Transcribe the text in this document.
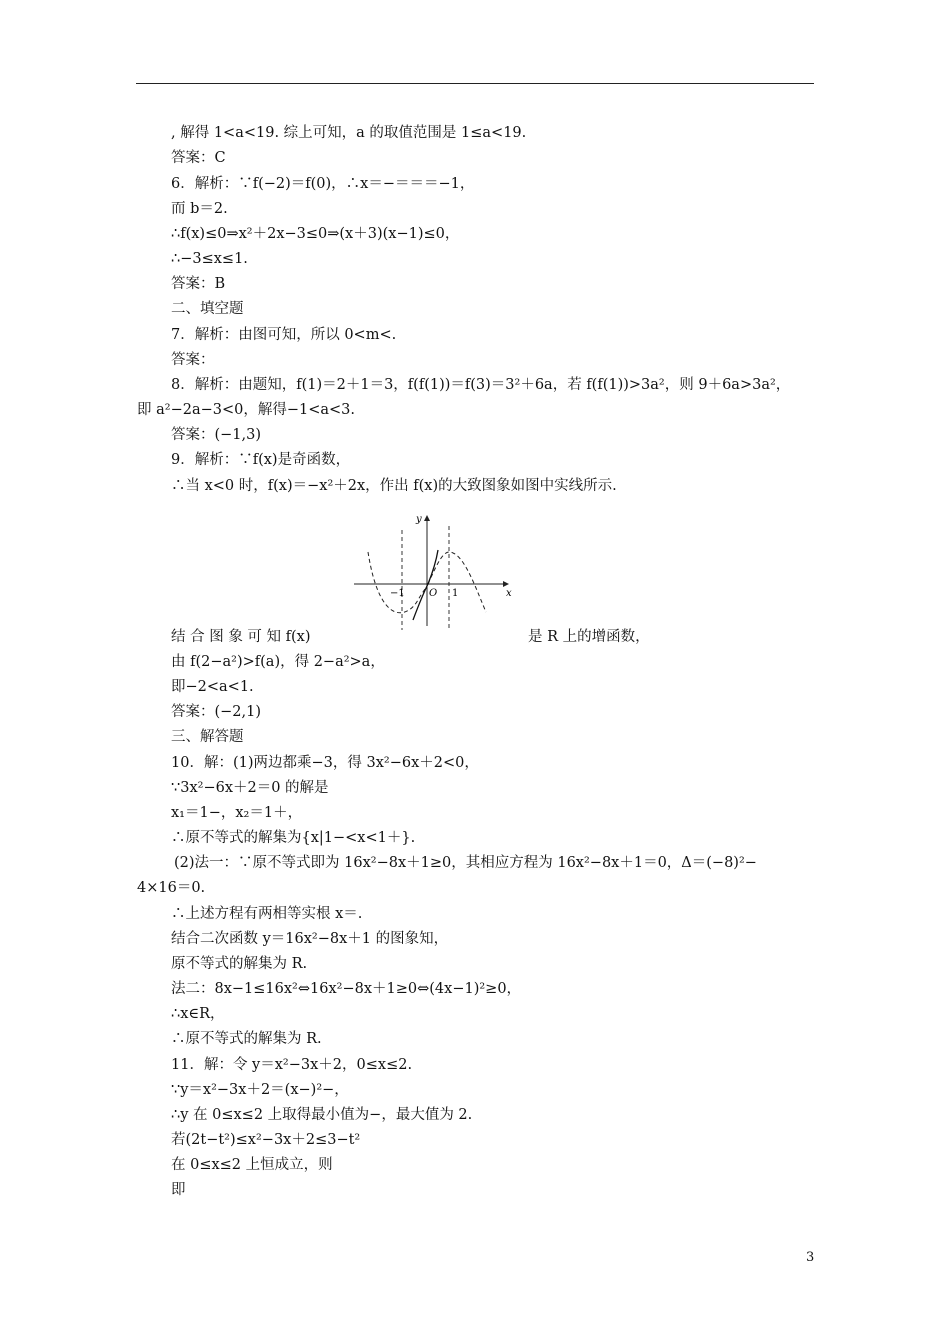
, 解得 1<a<19. 综上可知，a 的取值范围是 1≤a<19.
答案：C
6．解析：∵f(−2)＝f(0)，∴x＝−＝＝＝−1，
而 b＝2.
∴f(x)≤0⇒x²＋2x−3≤0⇒(x＋3)(x−1)≤0，
∴−3≤x≤1.
答案：B
二、填空题
7．解析：由图可知，所以 0<m<.
答案：
8．解析：由题知，f(1)＝2＋1＝3，f(f(1))＝f(3)＝3²＋6a，若 f(f(1))>3a²，则 9＋6a>3a²，
即 a²−2a−3<0，解得−1<a<3.
答案：(−1,3)
9．解析：∵f(x)是奇函数，
∴当 x<0 时，f(x)＝−x²＋2x，作出 f(x)的大致图象如图中实线所示.
y
x
O
−1	1
结 合 图 象 可 知 f(x)	是 R 上的增函数，
由 f(2−a²)>f(a)，得 2−a²>a，
即−2<a<1.
答案：(−2,1)
三、解答题
10．解：(1)两边都乘−3，得 3x²−6x＋2<0，
∵3x²−6x＋2＝0 的解是
x₁＝1−，x₂＝1＋，
∴原不等式的解集为{x|1−<x<1＋}.
(2)法一：∵原不等式即为 16x²−8x＋1≥0，其相应方程为 16x²−8x＋1＝0，Δ＝(−8)²−
4×16＝0.
∴上述方程有两相等实根 x＝.
结合二次函数 y＝16x²−8x＋1 的图象知，
原不等式的解集为 R.
法二：8x−1≤16x²⇔16x²−8x＋1≥0⇔(4x−1)²≥0，
∴x∈R，
∴原不等式的解集为 R.
11．解：令 y＝x²−3x＋2，0≤x≤2.
∵y＝x²−3x＋2＝(x−)²−，
∴y 在 0≤x≤2 上取得最小值为−，最大值为 2.
若(2t−t²)≤x²−3x＋2≤3−t²
在 0≤x≤2 上恒成立，则
即
3
